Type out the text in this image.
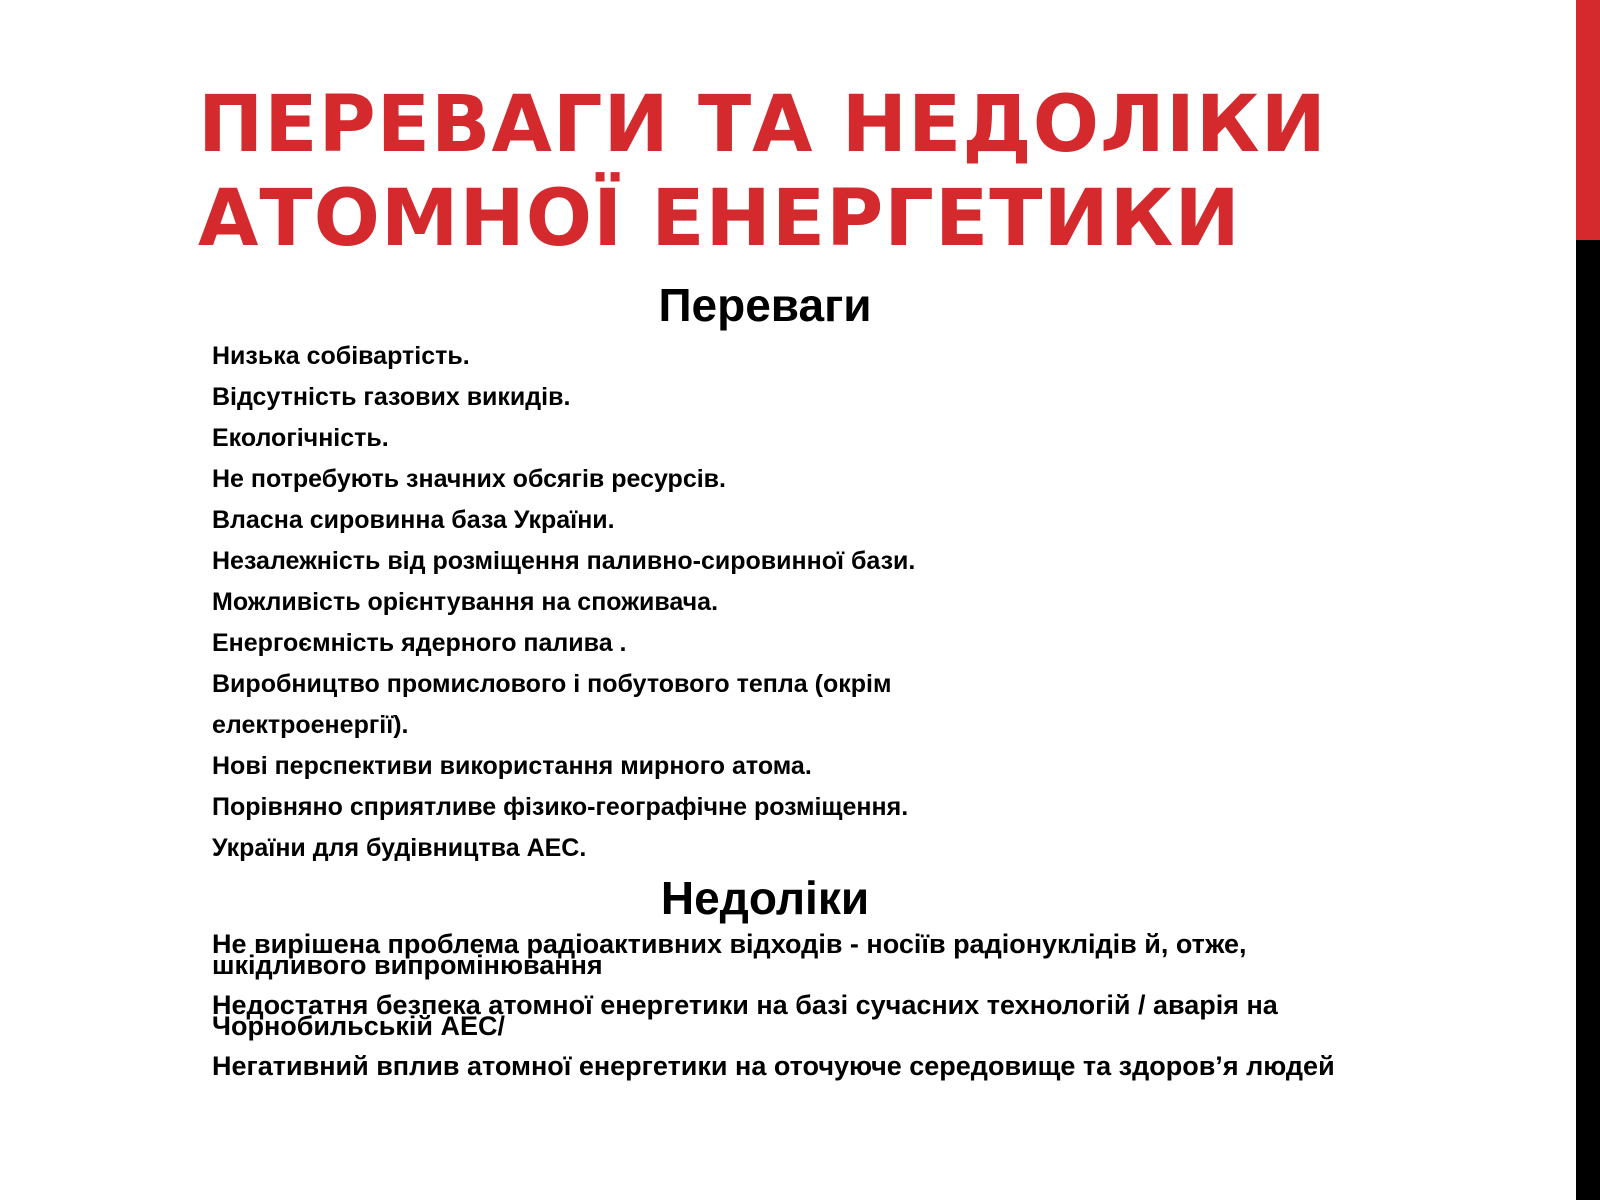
ПЕРЕВАГИ ТА НЕДОЛІКИ
АТОМНОЇ ЕНЕРГЕТИКИ
Переваги
Низька собівартість.
Відсутність газових викидів.
Екологічність.
Не потребують значних обсягів ресурсів.
Власна сировинна база України.
Незалежність від розміщення паливно-сировинної бази.
Можливість орієнтування на споживача.
Енергоємність ядерного палива .
Виробництво промислового і побутового тепла (окрім
електроенергії).
Нові перспективи використання мирного атома.
Порівняно сприятливе фізико-географічне розміщення.
України для будівництва АЕС.
Недоліки
Не вирішена проблема радіоактивних відходів - носіїв радіонуклідів й, отже, шкідливого випромінювання
Недостатня безпека атомної енергетики на базі сучасних технологій / аварія на Чорнобильській АЕС/
Негативний вплив атомної енергетики на оточуюче середовище та здоров’я людей
